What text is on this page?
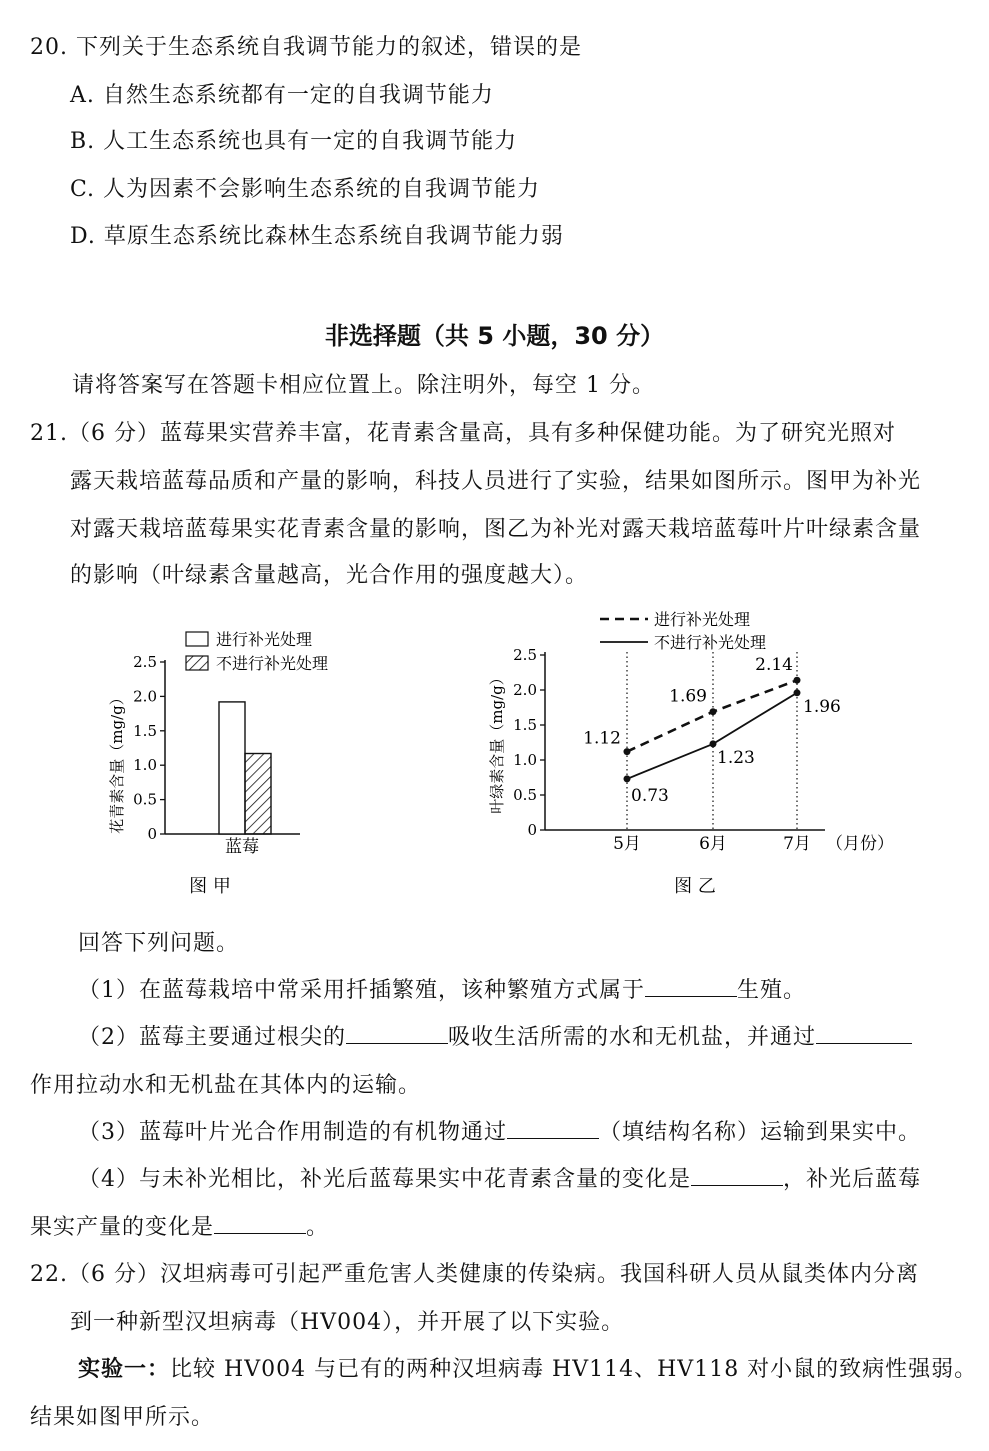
20. 下列关于生态系统自我调节能力的叙述，错误的是
A. 自然生态系统都有一定的自我调节能力
B. 人工生态系统也具有一定的自我调节能力
C. 人为因素不会影响生态系统的自我调节能力
D. 草原生态系统比森林生态系统自我调节能力弱
非选择题（共 5 小题，30 分）
请将答案写在答题卡相应位置上。除注明外，每空 1 分。
21.（6 分）蓝莓果实营养丰富，花青素含量高，具有多种保健功能。为了研究光照对
露天栽培蓝莓品质和产量的影响，科技人员进行了实验，结果如图所示。图甲为补光
对露天栽培蓝莓果实花青素含量的影响，图乙为补光对露天栽培蓝莓叶片叶绿素含量
的影响（叶绿素含量越高，光合作用的强度越大）。
进行补光处理
不进行补光处理
花青素含量（mg/g）
0
0.5
1.0
1.5
2.0
2.5
蓝莓
图 甲
进行补光处理
不进行补光处理
叶绿素含量（mg/g）
0
0.5
1.0
1.5
2.0
2.5
5月	6月	7月
1.12
1.69
2.14
0.73
1.23
1.96
（月份）
图 乙
回答下列问题。
（1）在蓝莓栽培中常采用扦插繁殖，该种繁殖方式属于	生殖。
（2）蓝莓主要通过根尖的	吸收生活所需的水和无机盐，并通过
作用拉动水和无机盐在其体内的运输。
（3）蓝莓叶片光合作用制造的有机物通过	（填结构名称）运输到果实中。
（4）与未补光相比，补光后蓝莓果实中花青素含量的变化是	，补光后蓝莓
果实产量的变化是	。
22.（6 分）汉坦病毒可引起严重危害人类健康的传染病。我国科研人员从鼠类体内分离
到一种新型汉坦病毒（HV004），并开展了以下实验。
实验一：比较 HV004 与已有的两种汉坦病毒 HV114、HV118 对小鼠的致病性强弱。
结果如图甲所示。
